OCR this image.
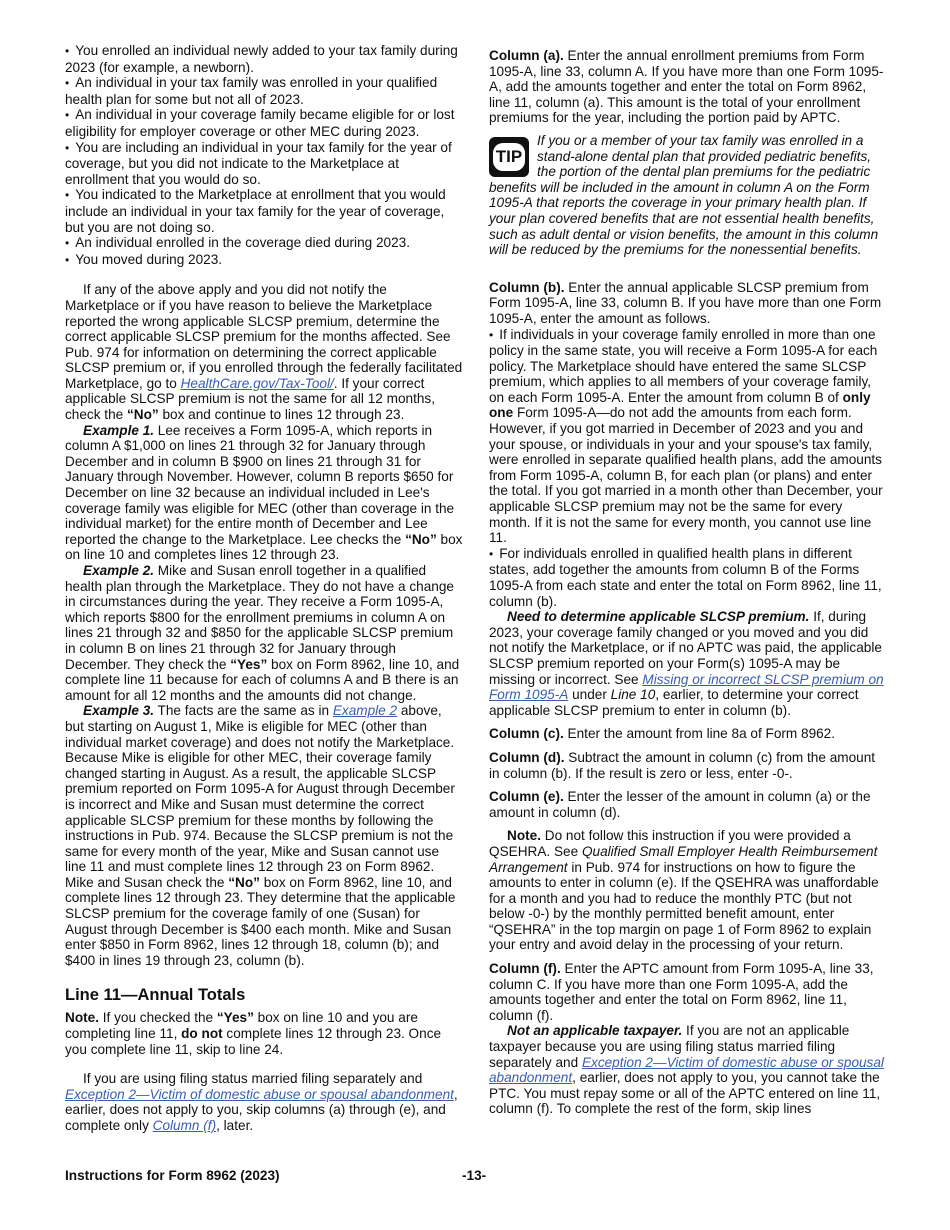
• You enrolled an individual newly added to your tax family during 2023 (for example, a newborn).
• An individual in your tax family was enrolled in your qualified health plan for some but not all of 2023.
• An individual in your coverage family became eligible for or lost eligibility for employer coverage or other MEC during 2023.
• You are including an individual in your tax family for the year of coverage, but you did not indicate to the Marketplace at enrollment that you would do so.
• You indicated to the Marketplace at enrollment that you would include an individual in your tax family for the year of coverage, but you are not doing so.
• An individual enrolled in the coverage died during 2023.
• You moved during 2023.

If any of the above apply and you did not notify the Marketplace or if you have reason to believe the Marketplace reported the wrong applicable SLCSP premium, determine the correct applicable SLCSP premium for the months affected. See Pub. 974 for information on determining the correct applicable SLCSP premium or, if you enrolled through the federally facilitated Marketplace, go to HealthCare.gov/Tax-Tool/. If your correct applicable SLCSP premium is not the same for all 12 months, check the “No” box and continue to lines 12 through 23.

Example 1. Lee receives a Form 1095-A, which reports in column A $1,000 on lines 21 through 32 for January through December and in column B $900 on lines 21 through 31 for January through November. However, column B reports $650 for December on line 32 because an individual included in Lee's coverage family was eligible for MEC (other than coverage in the individual market) for the entire month of December and Lee reported the change to the Marketplace. Lee checks the “No” box on line 10 and completes lines 12 through 23.

Example 2. Mike and Susan enroll together in a qualified health plan through the Marketplace. They do not have a change in circumstances during the year. They receive a Form 1095-A, which reports $800 for the enrollment premiums in column A on lines 21 through 32 and $850 for the applicable SLCSP premium in column B on lines 21 through 32 for January through December. They check the “Yes” box on Form 8962, line 10, and complete line 11 because for each of columns A and B there is an amount for all 12 months and the amounts did not change.

Example 3. The facts are the same as in Example 2 above, but starting on August 1, Mike is eligible for MEC (other than individual market coverage) and does not notify the Marketplace. Because Mike is eligible for other MEC, their coverage family changed starting in August. As a result, the applicable SLCSP premium reported on Form 1095-A for August through December is incorrect and Mike and Susan must determine the correct applicable SLCSP premium for these months by following the instructions in Pub. 974. Because the SLCSP premium is not the same for every month of the year, Mike and Susan cannot use line 11 and must complete lines 12 through 23 on Form 8962. Mike and Susan check the “No” box on Form 8962, line 10, and complete lines 12 through 23. They determine that the applicable SLCSP premium for the coverage family of one (Susan) for August through December is $400 each month. Mike and Susan enter $850 in Form 8962, lines 12 through 18, column (b); and $400 in lines 19 through 23, column (b).

Line 11—Annual Totals

Note. If you checked the “Yes” box on line 10 and you are completing line 11, do not complete lines 12 through 23. Once you complete line 11, skip to line 24.

If you are using filing status married filing separately and Exception 2—Victim of domestic abuse or spousal abandonment, earlier, does not apply to you, skip columns (a) through (e), and complete only Column (f), later.

Column (a). Enter the annual enrollment premiums from Form 1095-A, line 33, column A. If you have more than one Form 1095-A, add the amounts together and enter the total on Form 8962, line 11, column (a). This amount is the total of your enrollment premiums for the year, including the portion paid by APTC.

TIP
If you or a member of your tax family was enrolled in a stand-alone dental plan that provided pediatric benefits, the portion of the dental plan premiums for the pediatric benefits will be included in the amount in column A on the Form 1095-A that reports the coverage in your primary health plan. If your plan covered benefits that are not essential health benefits, such as adult dental or vision benefits, the amount in this column will be reduced by the premiums for the nonessential benefits.

Column (b). Enter the annual applicable SLCSP premium from Form 1095-A, line 33, column B. If you have more than one Form 1095-A, enter the amount as follows.

• If individuals in your coverage family enrolled in more than one policy in the same state, you will receive a Form 1095-A for each policy. The Marketplace should have entered the same SLCSP premium, which applies to all members of your coverage family, on each Form 1095-A. Enter the amount from column B of only one Form 1095-A—do not add the amounts from each form. However, if you got married in December of 2023 and you and your spouse, or individuals in your and your spouse's tax family, were enrolled in separate qualified health plans, add the amounts from Form 1095-A, column B, for each plan (or plans) and enter the total. If you got married in a month other than December, your applicable SLCSP premium may not be the same for every month. If it is not the same for every month, you cannot use line 11.
• For individuals enrolled in qualified health plans in different states, add together the amounts from column B of the Forms 1095-A from each state and enter the total on Form 8962, line 11, column (b).

Need to determine applicable SLCSP premium. If, during 2023, your coverage family changed or you moved and you did not notify the Marketplace, or if no APTC was paid, the applicable SLCSP premium reported on your Form(s) 1095-A may be missing or incorrect. See Missing or incorrect SLCSP premium on Form 1095-A under Line 10, earlier, to determine your correct applicable SLCSP premium to enter in column (b).

Column (c). Enter the amount from line 8a of Form 8962.

Column (d). Subtract the amount in column (c) from the amount in column (b). If the result is zero or less, enter -0-.

Column (e). Enter the lesser of the amount in column (a) or the amount in column (d).

Note. Do not follow this instruction if you were provided a QSEHRA. See Qualified Small Employer Health Reimbursement Arrangement in Pub. 974 for instructions on how to figure the amounts to enter in column (e). If the QSEHRA was unaffordable for a month and you had to reduce the monthly PTC (but not below -0-) by the monthly permitted benefit amount, enter “QSEHRA” in the top margin on page 1 of Form 8962 to explain your entry and avoid delay in the processing of your return.

Column (f). Enter the APTC amount from Form 1095-A, line 33, column C. If you have more than one Form 1095-A, add the amounts together and enter the total on Form 8962, line 11, column (f).

Not an applicable taxpayer. If you are not an applicable taxpayer because you are using filing status married filing separately and Exception 2—Victim of domestic abuse or spousal abandonment, earlier, does not apply to you, you cannot take the PTC. You must repay some or all of the APTC entered on line 11, column (f). To complete the rest of the form, skip lines

Instructions for Form 8962 (2023)	-13-
